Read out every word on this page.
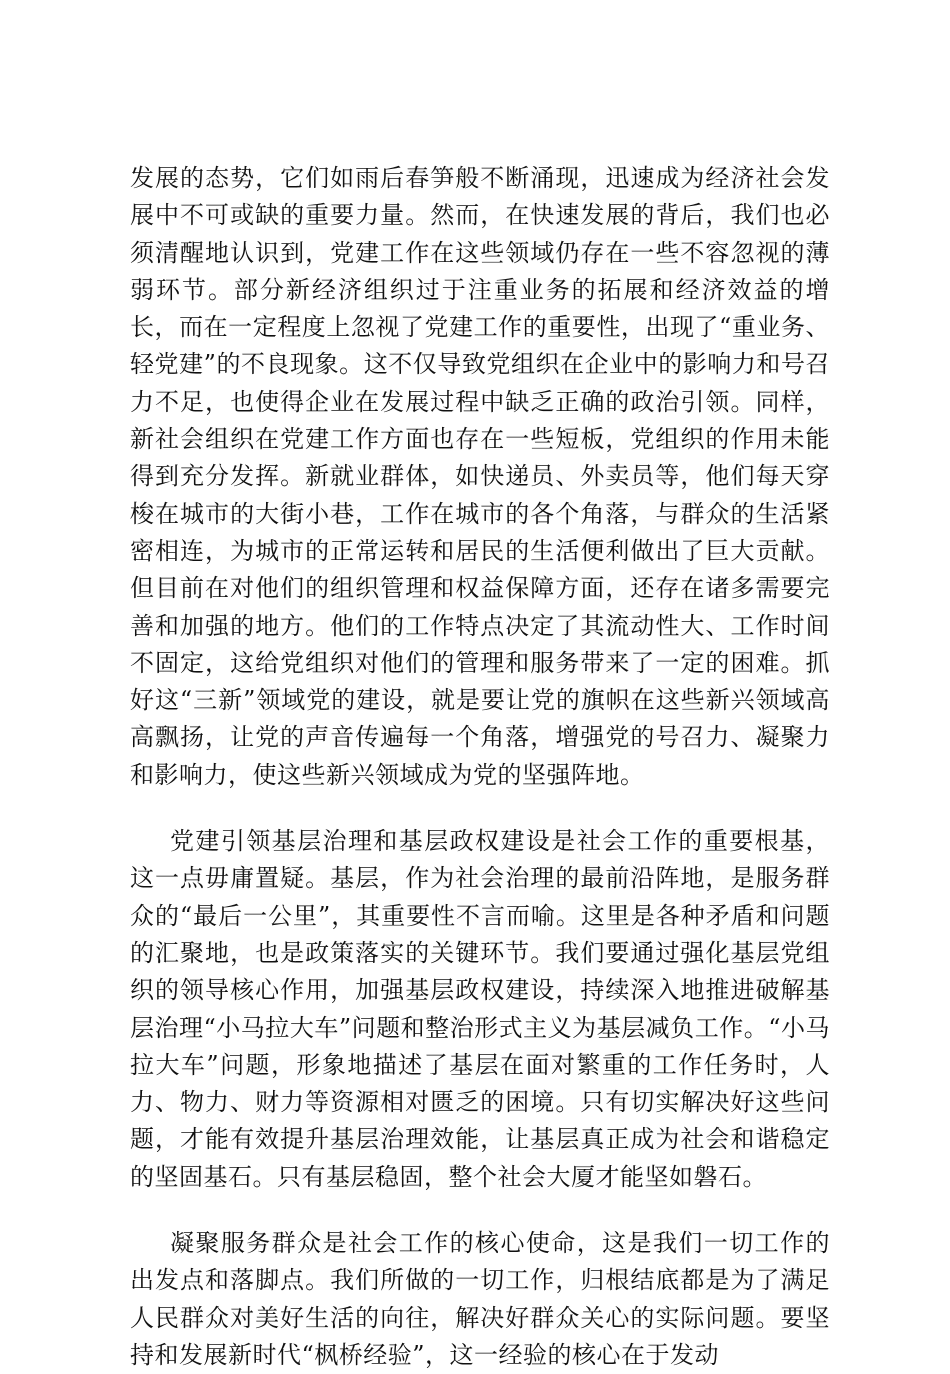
发展的态势，它们如雨后春笋般不断涌现，迅速成为经济社会发展中不可或缺的重要力量。然而，在快速发展的背后，我们也必须清醒地认识到，党建工作在这些领域仍存在一些不容忽视的薄弱环节。部分新经济组织过于注重业务的拓展和经济效益的增长，而在一定程度上忽视了党建工作的重要性，出现了“重业务、轻党建”的不良现象。这不仅导致党组织在企业中的影响力和号召力不足，也使得企业在发展过程中缺乏正确的政治引领。同样，新社会组织在党建工作方面也存在一些短板，党组织的作用未能得到充分发挥。新就业群体，如快递员、外卖员等，他们每天穿梭在城市的大街小巷，工作在城市的各个角落，与群众的生活紧密相连，为城市的正常运转和居民的生活便利做出了巨大贡献。但目前在对他们的组织管理和权益保障方面，还存在诸多需要完善和加强的地方。他们的工作特点决定了其流动性大、工作时间不固定，这给党组织对他们的管理和服务带来了一定的困难。抓好这“三新”领域党的建设，就是要让党的旗帜在这些新兴领域高高飘扬，让党的声音传遍每一个角落，增强党的号召力、凝聚力和影响力，使这些新兴领域成为党的坚强阵地。

党建引领基层治理和基层政权建设是社会工作的重要根基，这一点毋庸置疑。基层，作为社会治理的最前沿阵地，是服务群众的“最后一公里”，其重要性不言而喻。这里是各种矛盾和问题的汇聚地，也是政策落实的关键环节。我们要通过强化基层党组织的领导核心作用，加强基层政权建设，持续深入地推进破解基层治理“小马拉大车”问题和整治形式主义为基层减负工作。“小马拉大车”问题，形象地描述了基层在面对繁重的工作任务时，人力、物力、财力等资源相对匮乏的困境。只有切实解决好这些问题，才能有效提升基层治理效能，让基层真正成为社会和谐稳定的坚固基石。只有基层稳固，整个社会大厦才能坚如磐石。

凝聚服务群众是社会工作的核心使命，这是我们一切工作的出发点和落脚点。我们所做的一切工作，归根结底都是为了满足人民群众对美好生活的向往，解决好群众关心的实际问题。要坚持和发展新时代“枫桥经验”，这一经验的核心在于发动
